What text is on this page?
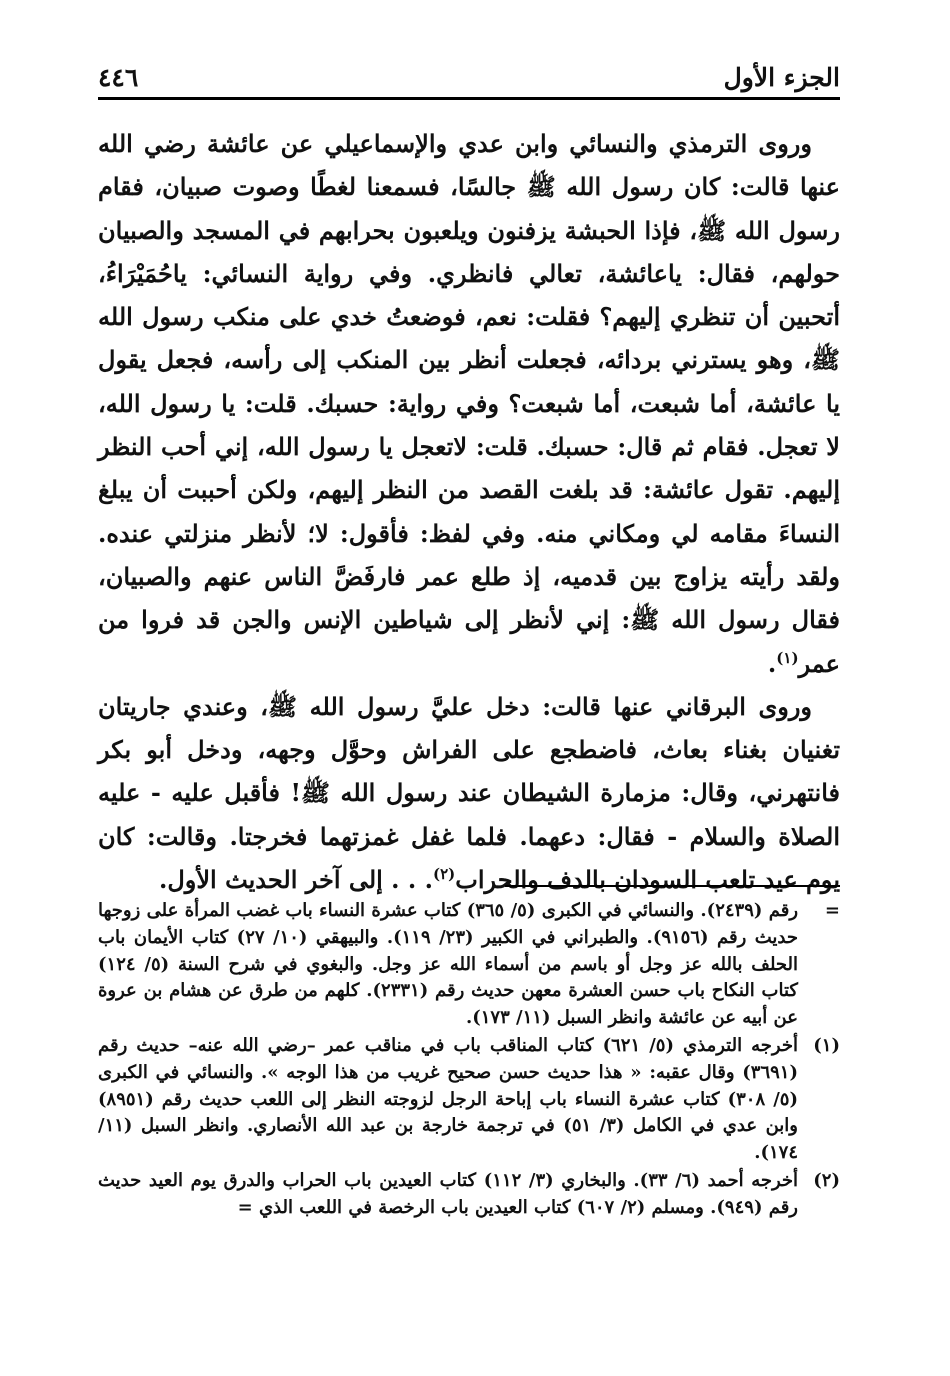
٤٤٦	الجزء الأول

وروى الترمذي والنسائي وابن عدي والإسماعيلي عن عائشة رضي الله عنها قالت: كان رسول الله ﷺ جالسًا، فسمعنا لغطًا وصوت صبيان، فقام رسول الله ﷺ، فإذا الحبشة يزفنون ويلعبون بحرابهم في المسجد والصبيان حولهم، فقال: ياعائشة، تعالي فانظري. وفي رواية النسائي: ياحُمَيْرَاءُ، أتحبين أن تنظري إليهم؟ فقلت: نعم، فوضعتُ خدي على منكب رسول الله ﷺ، وهو يسترني بردائه، فجعلت أنظر بين المنكب إلى رأسه، فجعل يقول يا عائشة، أما شبعت، أما شبعت؟ وفي رواية: حسبك. قلت: يا رسول الله، لا تعجل. فقام ثم قال: حسبك. قلت: لاتعجل يا رسول الله، إني أحب النظر إليهم. تقول عائشة: قد بلغت القصد من النظر إليهم، ولكن أحببت أن يبلغ النساءَ مقامه لي ومكاني منه. وفي لفظ: فأقول: لا؛ لأنظر منزلتي عنده. ولقد رأيته يزاوج بين قدميه، إذ طلع عمر فارفَضَّ الناس عنهم والصبيان، فقال رسول الله ﷺ: إني لأنظر إلى شياطين الإنس والجن قد فروا من عمر$^{(١)}$.

وروى البرقاني عنها قالت: دخل عليَّ رسول الله ﷺ، وعندي جاريتان تغنيان بغناء بعاث، فاضطجع على الفراش وحوَّل وجهه، ودخل أبو بكر فانتهرني، وقال: مزمارة الشيطان عند رسول الله ﷺ! فأقبل عليه - عليه الصلاة والسلام - فقال: دعهما. فلما غفل غمزتهما فخرجتا. وقالت: كان يوم عيد تلعب السودان بالدف والحراب$^{(٢)}$. . . إلى آخر الحديث الأول.

=
رقم (٢٤٣٩). والنسائي في الكبرى (٥/ ٣٦٥) كتاب عشرة النساء باب غضب المرأة على زوجها حديث رقم (٩١٥٦). والطبراني في الكبير (٢٣/ ١١٩). والبيهقي (١٠/ ٢٧) كتاب الأيمان باب الحلف بالله عز وجل أو باسم من أسماء الله عز وجل. والبغوي في شرح السنة (٥/ ١٢٤) كتاب النكاح باب حسن العشرة معهن حديث رقم (٢٣٣١). كلهم من طرق عن هشام بن عروة عن أبيه عن عائشة وانظر السبل (١١/ ١٧٣).
(١)
أخرجه الترمذي (٥/ ٦٢١) كتاب المناقب باب في مناقب عمر –رضي الله عنه– حديث رقم (٣٦٩١) وقال عقبه: « هذا حديث حسن صحيح غريب من هذا الوجه ». والنسائي في الكبرى (٥/ ٣٠٨) كتاب عشرة النساء باب إباحة الرجل لزوجته النظر إلى اللعب حديث رقم (٨٩٥١) وابن عدي في الكامل (٣/ ٥١) في ترجمة خارجة بن عبد الله الأنصاري. وانظر السبل (١١/ ١٧٤).
(٢)
أخرجه أحمد (٦/ ٣٣). والبخاري (٣/ ١١٢) كتاب العيدين باب الحراب والدرق يوم العيد حديث رقم (٩٤٩). ومسلم (٢/ ٦٠٧) كتاب العيدين باب الرخصة في اللعب الذي =
